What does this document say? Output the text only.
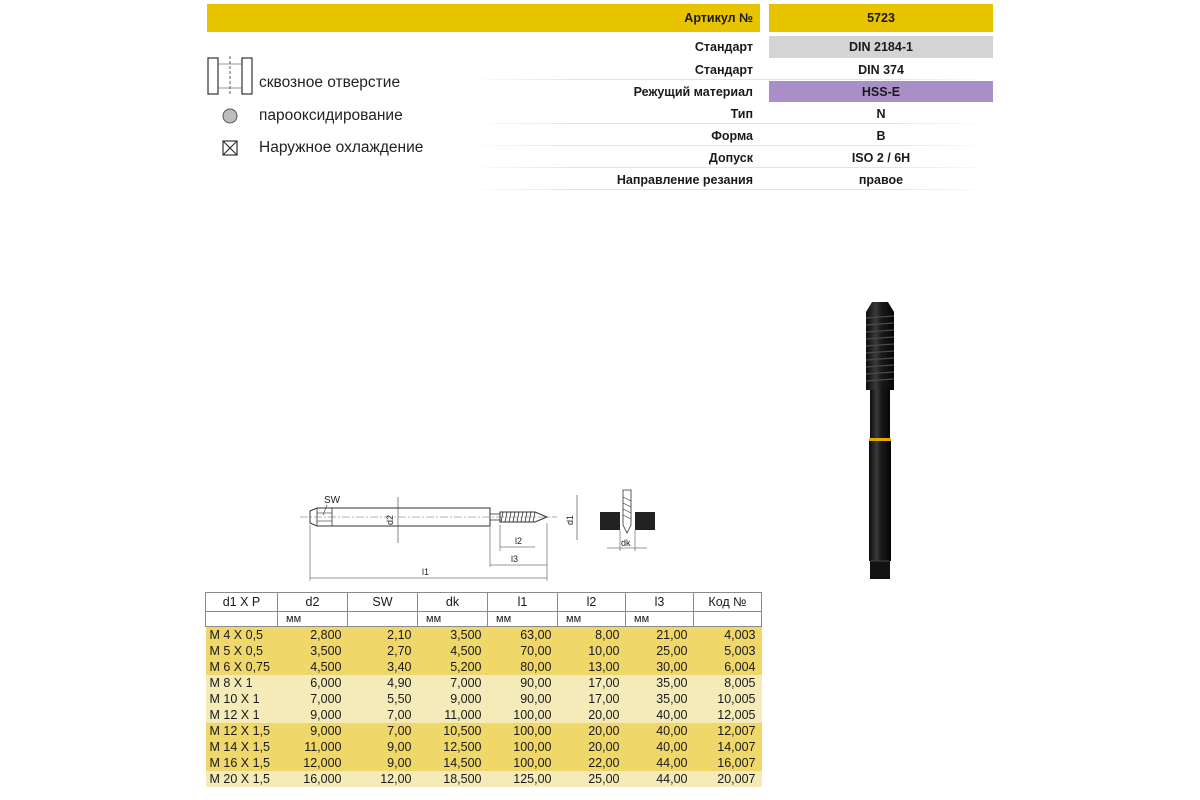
Артикул №	5723
Стандарт	DIN 2184-1
Стандарт	DIN 374
Режущий материал	HSS-E
Тип	N
Форма	B
Допуск	ISO 2 / 6H
Направление резания	правое
сквозное отверстие
парооксидирование
Наружное охлаждение
SW
d2	d1
l2
l3
l1
dk
d1 X P	d2	SW	dk	l1	l2	l3	Код №
	мм		мм	мм	мм	мм	
M 4 X 0,5	2,800	2,10	3,500	63,00	8,00	21,00	4,003
M 5 X 0,5	3,500	2,70	4,500	70,00	10,00	25,00	5,003
M 6 X 0,75	4,500	3,40	5,200	80,00	13,00	30,00	6,004
M 8 X 1	6,000	4,90	7,000	90,00	17,00	35,00	8,005
M 10 X 1	7,000	5,50	9,000	90,00	17,00	35,00	10,005
M 12 X 1	9,000	7,00	11,000	100,00	20,00	40,00	12,005
M 12 X 1,5	9,000	7,00	10,500	100,00	20,00	40,00	12,007
M 14 X 1,5	11,000	9,00	12,500	100,00	20,00	40,00	14,007
M 16 X 1,5	12,000	9,00	14,500	100,00	22,00	44,00	16,007
M 20 X 1,5	16,000	12,00	18,500	125,00	25,00	44,00	20,007
